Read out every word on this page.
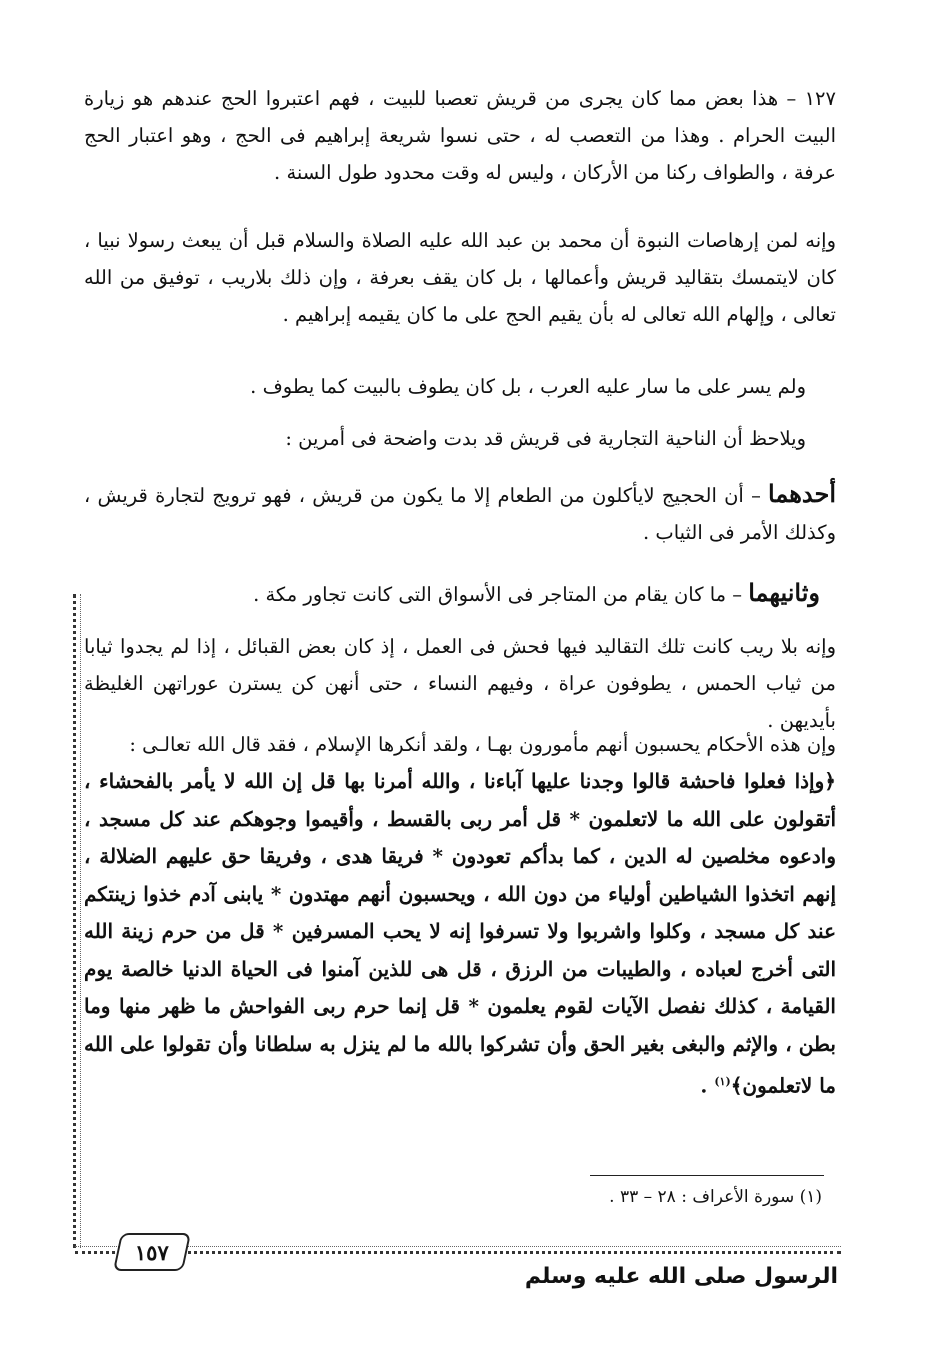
١٢٧ – هذا بعض مما كان يجرى من قريش تعصبا للبيت ، فهم اعتبروا الحج عندهم هو زيارة البيت الحرام . وهذا من التعصب له ، حتى نسوا شريعة إبراهيم فى الحج ، وهو اعتبار الحج عرفة ، والطواف ركنا من الأركان ، وليس له وقت محدود طول السنة .

وإنه لمن إرهاصات النبوة أن محمد بن عبد الله عليه الصلاة والسلام قبل أن يبعث رسولا نبيا ، كان لايتمسك بتقاليد قريش وأعمالها ، بل كان يقف بعرفة ، وإن ذلك بلاريب ، توفيق من الله تعالى ، وإلهام الله تعالى له بأن يقيم الحج على ما كان يقيمه إبراهيم .

ولم يسر على ما سار عليه العرب ، بل كان يطوف بالبيت كما يطوف .

ويلاحظ أن الناحية التجارية فى قريش قد بدت واضحة فى أمرين :

أحدهما – أن الحجيج لايأكلون من الطعام إلا ما يكون من قريش ، فهو ترويج لتجارة قريش ، وكذلك الأمر فى الثياب .

وثانيهما – ما كان يقام من المتاجر فى الأسواق التى كانت تجاور مكة .

وإنه بلا ريب كانت تلك التقاليد فيها فحش فى العمل ، إذ كان بعض القبائل ، إذا لم يجدوا ثيابا من ثياب الحمس ، يطوفون عراة ، وفيهم النساء ، حتى أنهن كن يسترن عوراتهن الغليظة بأيديهن .

وإن هذه الأحكام يحسبون أنهم مأمورون بهـا ، ولقد أنكرها الإسلام ، فقد قال الله تعالـى :

﴿وإذا فعلوا فاحشة قالوا وجدنا عليها آباءنا ، والله أمرنا بها قل إن الله لا يأمر بالفحشاء ، أتقولون على الله ما لاتعلمون * قل أمر ربى بالقسط ، وأقيموا وجوهكم عند كل مسجد ، وادعوه مخلصين له الدين ، كما بدأكم تعودون * فريقا هدى ، وفريقا حق عليهم الضلالة ، إنهم اتخذوا الشياطين أولياء من دون الله ، ويحسبون أنهم مهتدون * يابنى آدم خذوا زينتكم عند كل مسجد ، وكلوا واشربوا ولا تسرفوا إنه لا يحب المسرفين * قل من حرم زينة الله التى أخرج لعباده ، والطيبات من الرزق ، قل هى للذين آمنوا فى الحياة الدنيا خالصة يوم القيامة ، كذلك نفصل الآيات لقوم يعلمون * قل إنما حرم ربى الفواحش ما ظهر منها وما بطن ، والإثم والبغى بغير الحق وأن تشركوا بالله ما لم ينزل به سلطانا وأن تقولوا على الله ما لاتعلمون﴾$^{(١)}$ .

(١) سورة الأعراف : ٢٨ – ٣٣ .
١٥٧
الرسول صلى الله عليه وسلم
